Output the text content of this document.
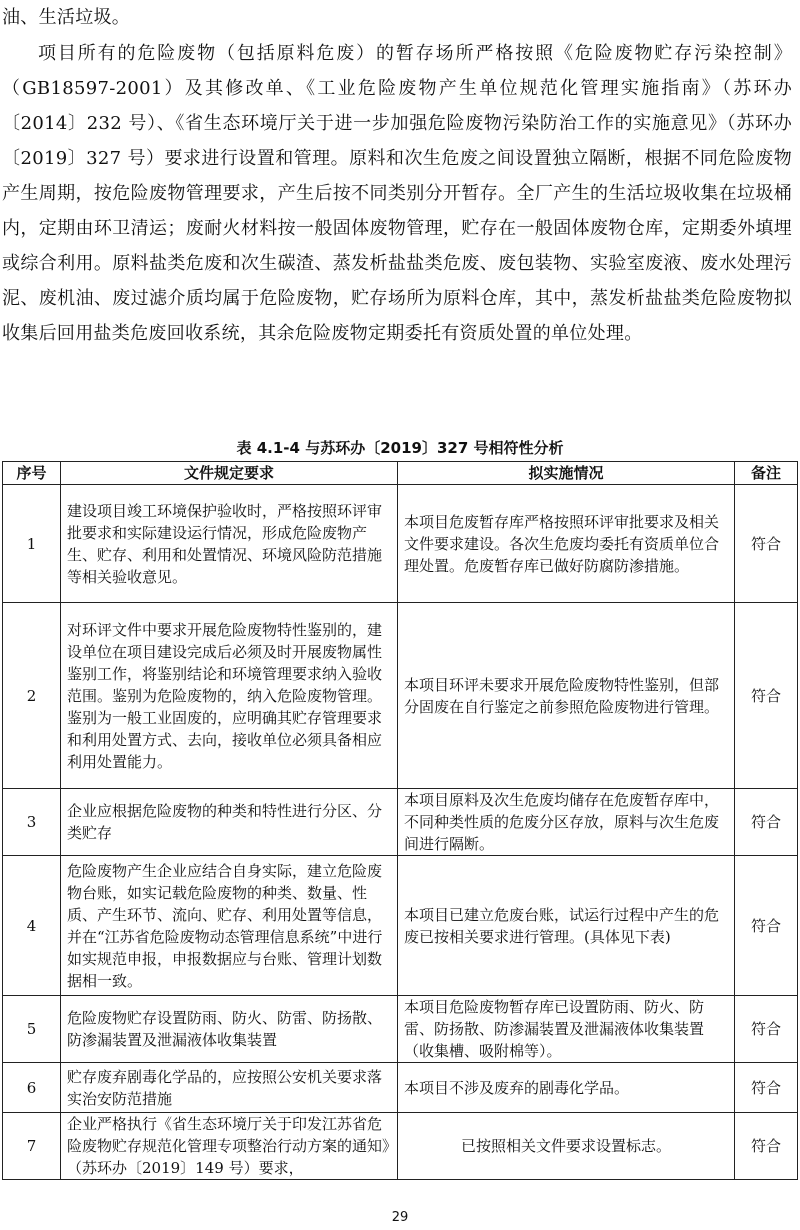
油、生活垃圾。

项目所有的危险废物（包括原料危废）的暂存场所严格按照《危险废物贮存污染控制》（GB18597-2001）及其修改单、《工业危险废物产生单位规范化管理实施指南》（苏环办〔2014〕232 号）、《省生态环境厅关于进一步加强危险废物污染防治工作的实施意见》（苏环办〔2019〕327 号）要求进行设置和管理。原料和次生危废之间设置独立隔断，根据不同危险废物产生周期，按危险废物管理要求，产生后按不同类别分开暂存。全厂产生的生活垃圾收集在垃圾桶内，定期由环卫清运；废耐火材料按一般固体废物管理，贮存在一般固体废物仓库，定期委外填埋或综合利用。原料盐类危废和次生碳渣、蒸发析盐盐类危废、废包装物、实验室废液、废水处理污泥、废机油、废过滤介质均属于危险废物，贮存场所为原料仓库，其中，蒸发析盐盐类危险废物拟收集后回用盐类危废回收系统，其余危险废物定期委托有资质处置的单位处理。

表 4.1-4 与苏环办〔2019〕327 号相符性分析
序号	文件规定要求	拟实施情况	备注
1	建设项目竣工环境保护验收时，严格按照环评审批要求和实际建设运行情况，形成危险废物产生、贮存、利用和处置情况、环境风险防范措施等相关验收意见。	本项目危废暂存库严格按照环评审批要求及相关文件要求建设。各次生危废均委托有资质单位合理处置。危废暂存库已做好防腐防渗措施。	符合
2	对环评文件中要求开展危险废物特性鉴别的，建设单位在项目建设完成后必须及时开展废物属性鉴别工作，将鉴别结论和环境管理要求纳入验收范围。鉴别为危险废物的，纳入危险废物管理。鉴别为一般工业固废的，应明确其贮存管理要求和利用处置方式、去向，接收单位必须具备相应利用处置能力。	本项目环评未要求开展危险废物特性鉴别，但部分固废在自行鉴定之前参照危险废物进行管理。	符合
3	企业应根据危险废物的种类和特性进行分区、分类贮存	本项目原料及次生危废均储存在危废暂存库中，不同种类性质的危废分区存放，原料与次生危废间进行隔断。	符合
4	危险废物产生企业应结合自身实际，建立危险废物台账，如实记载危险废物的种类、数量、性质、产生环节、流向、贮存、利用处置等信息，并在“江苏省危险废物动态管理信息系统”中进行如实规范申报，申报数据应与台账、管理计划数据相一致。	本项目已建立危废台账，试运行过程中产生的危废已按相关要求进行管理。(具体见下表)	符合
5	危险废物贮存设置防雨、防火、防雷、防扬散、防渗漏装置及泄漏液体收集装置	本项目危险废物暂存库已设置防雨、防火、防雷、防扬散、防渗漏装置及泄漏液体收集装置（收集槽、吸附棉等）。	符合
6	贮存废弃剧毒化学品的，应按照公安机关要求落实治安防范措施	本项目不涉及废弃的剧毒化学品。	符合
7	企业严格执行《省生态环境厅关于印发江苏省危险废物贮存规范化管理专项整治行动方案的通知》（苏环办〔2019〕149 号）要求，	已按照相关文件要求设置标志。	符合
29
